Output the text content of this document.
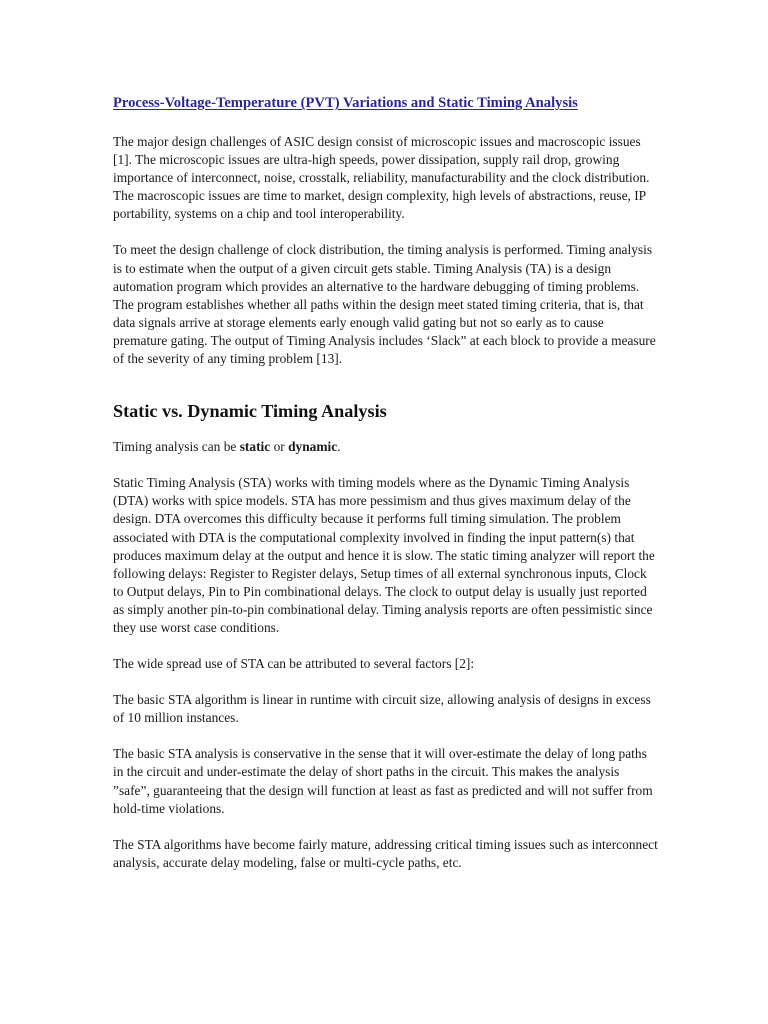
Process-Voltage-Temperature (PVT) Variations and Static Timing Analysis

The major design challenges of ASIC design consist of microscopic issues and macroscopic issues [1]. The microscopic issues are ultra-high speeds, power dissipation, supply rail drop, growing importance of interconnect, noise, crosstalk, reliability, manufacturability and the clock distribution. The macroscopic issues are time to market, design complexity, high levels of abstractions, reuse, IP portability, systems on a chip and tool interoperability.

To meet the design challenge of clock distribution, the timing analysis is performed. Timing analysis is to estimate when the output of a given circuit gets stable. Timing Analysis (TA) is a design automation program which provides an alternative to the hardware debugging of timing problems. The program establishes whether all paths within the design meet stated timing criteria, that is, that data signals arrive at storage elements early enough valid gating but not so early as to cause premature gating. The output of Timing Analysis includes ‘Slack” at each block to provide a measure of the severity of any timing problem [13].

Static vs. Dynamic Timing Analysis

Timing analysis can be static or dynamic.

Static Timing Analysis (STA) works with timing models where as the Dynamic Timing Analysis (DTA) works with spice models. STA has more pessimism and thus gives maximum delay of the design. DTA overcomes this difficulty because it performs full timing simulation. The problem associated with DTA is the computational complexity involved in finding the input pattern(s) that produces maximum delay at the output and hence it is slow. The static timing analyzer will report the following delays: Register to Register delays, Setup times of all external synchronous inputs, Clock to Output delays, Pin to Pin combinational delays. The clock to output delay is usually just reported as simply another pin-to-pin combinational delay. Timing analysis reports are often pessimistic since they use worst case conditions.

The wide spread use of STA can be attributed to several factors [2]:

The basic STA algorithm is linear in runtime with circuit size, allowing analysis of designs in excess of 10 million instances.

The basic STA analysis is conservative in the sense that it will over-estimate the delay of long paths in the circuit and under-estimate the delay of short paths in the circuit. This makes the analysis ”safe”, guaranteeing that the design will function at least as fast as predicted and will not suffer from hold-time violations.

The STA algorithms have become fairly mature, addressing critical timing issues such as interconnect analysis, accurate delay modeling, false or multi-cycle paths, etc.
